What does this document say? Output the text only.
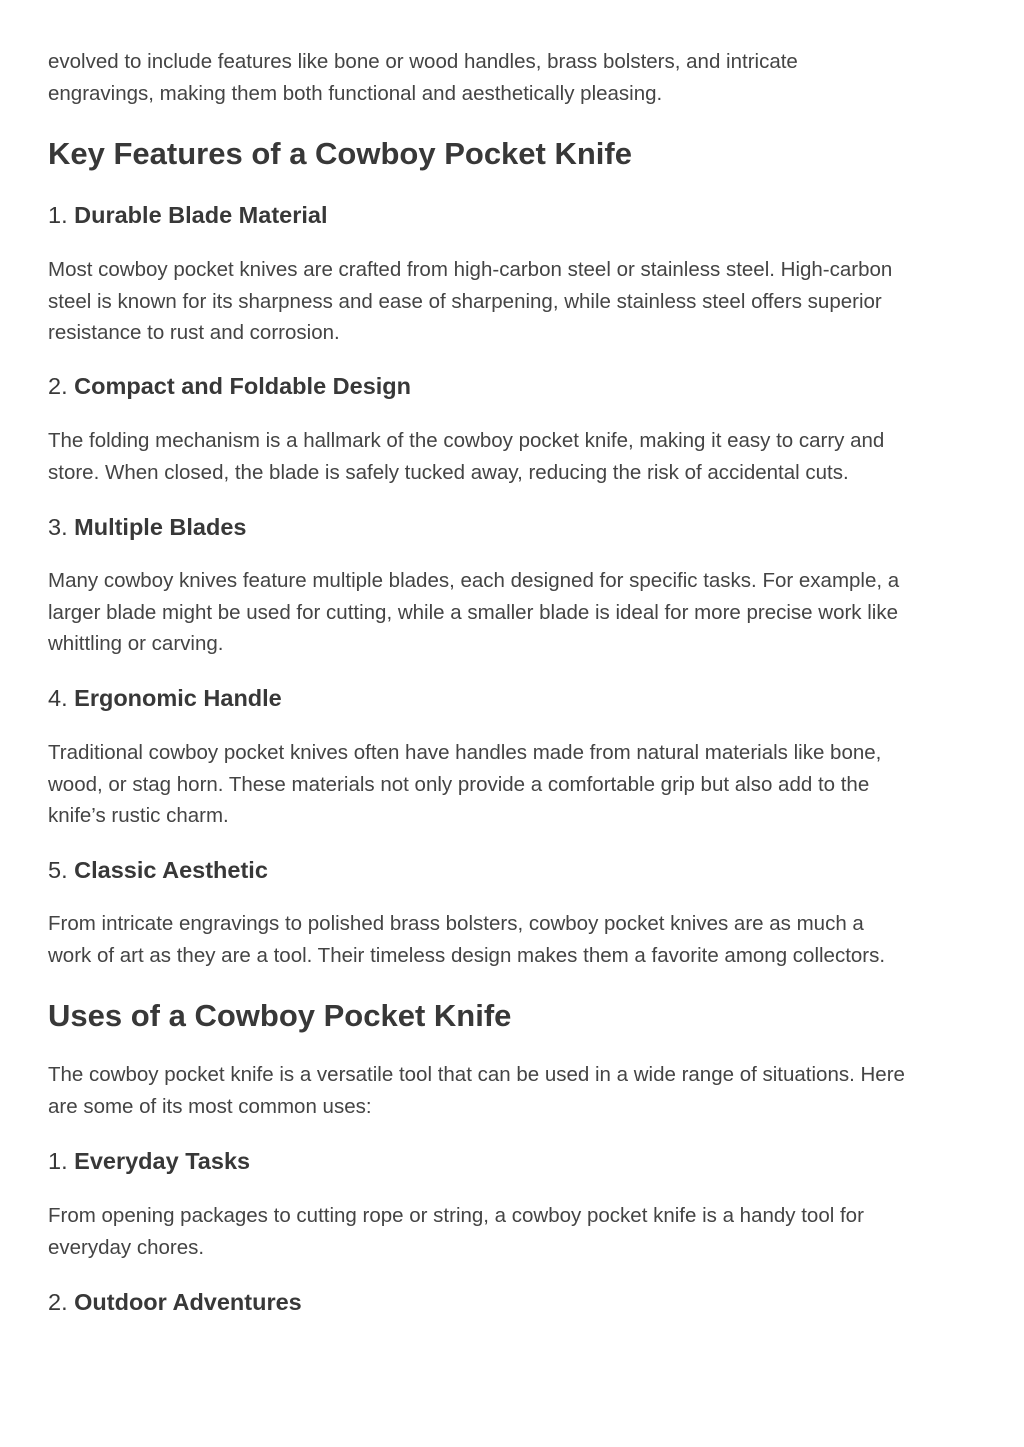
evolved to include features like bone or wood handles, brass bolsters, and intricate
engravings, making them both functional and aesthetically pleasing.

Key Features of a Cowboy Pocket Knife
1. Durable Blade Material

Most cowboy pocket knives are crafted from high-carbon steel or stainless steel. High-carbon
steel is known for its sharpness and ease of sharpening, while stainless steel offers superior
resistance to rust and corrosion.

2. Compact and Foldable Design

The folding mechanism is a hallmark of the cowboy pocket knife, making it easy to carry and
store. When closed, the blade is safely tucked away, reducing the risk of accidental cuts.

3. Multiple Blades

Many cowboy knives feature multiple blades, each designed for specific tasks. For example, a
larger blade might be used for cutting, while a smaller blade is ideal for more precise work like
whittling or carving.

4. Ergonomic Handle

Traditional cowboy pocket knives often have handles made from natural materials like bone,
wood, or stag horn. These materials not only provide a comfortable grip but also add to the
knife’s rustic charm.

5. Classic Aesthetic

From intricate engravings to polished brass bolsters, cowboy pocket knives are as much a
work of art as they are a tool. Their timeless design makes them a favorite among collectors.

Uses of a Cowboy Pocket Knife

The cowboy pocket knife is a versatile tool that can be used in a wide range of situations. Here
are some of its most common uses:

1. Everyday Tasks

From opening packages to cutting rope or string, a cowboy pocket knife is a handy tool for
everyday chores.

2. Outdoor Adventures
